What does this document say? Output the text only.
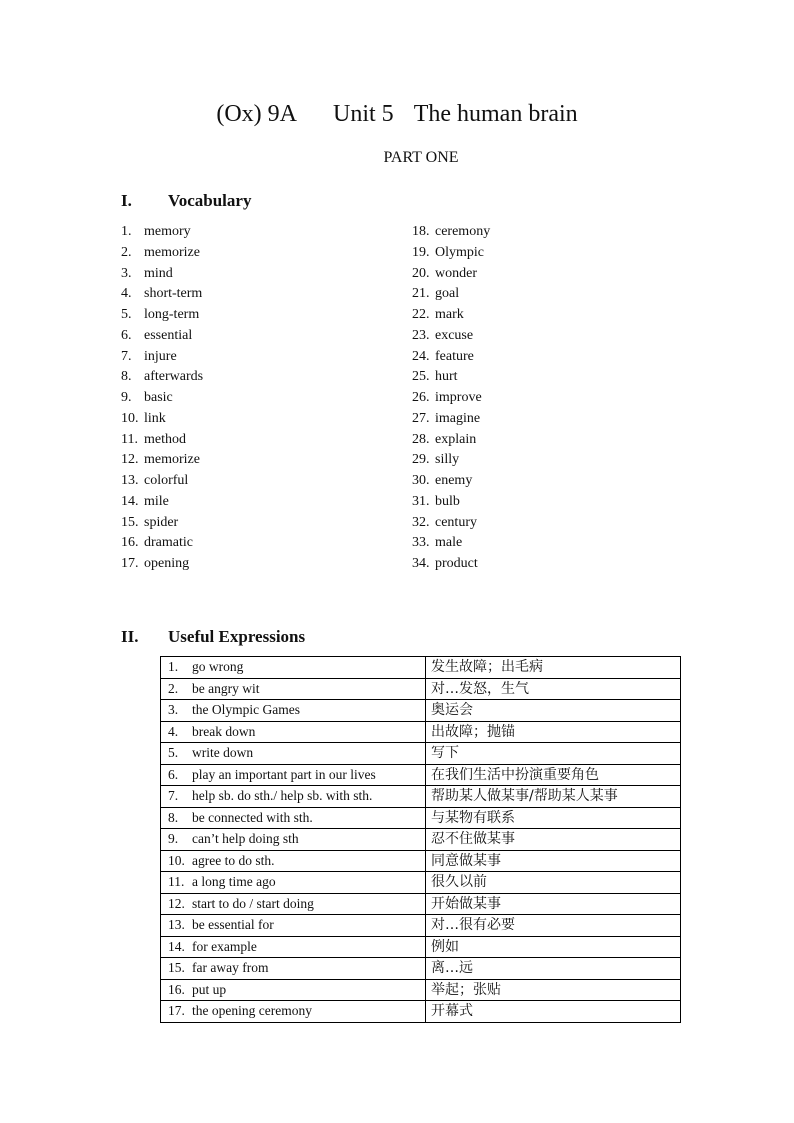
(Ox) 9A Unit 5 The human brain
PART ONE
I. Vocabulary
1. memory
2. memorize
3. mind
4. short-term
5. long-term
6. essential
7. injure
8. afterwards
9. basic
10. link
11. method
12. memorize
13. colorful
14. mile
15. spider
16. dramatic
17. opening
18. ceremony
19. Olympic
20. wonder
21. goal
22. mark
23. excuse
24. feature
25. hurt
26. improve
27. imagine
28. explain
29. silly
30. enemy
31. bulb
32. century
33. male
34. product
II. Useful Expressions
1. go wrong	发生故障；出毛病
2. be angry wit	对…发怒，生气
3. the Olympic Games	奥运会
4. break down	出故障；抛锚
5. write down	写下
6. play an important part in our lives	在我们生活中扮演重要角色
7. help sb. do sth./ help sb. with sth.	帮助某人做某事/帮助某人某事
8. be connected with sth.	与某物有联系
9. can’t help doing sth	忍不住做某事
10. agree to do sth.	同意做某事
11. a long time ago	很久以前
12. start to do / start doing	开始做某事
13. be essential for	对…很有必要
14. for example	例如
15. far away from	离…远
16. put up	举起；张贴
17. the opening ceremony	开幕式
